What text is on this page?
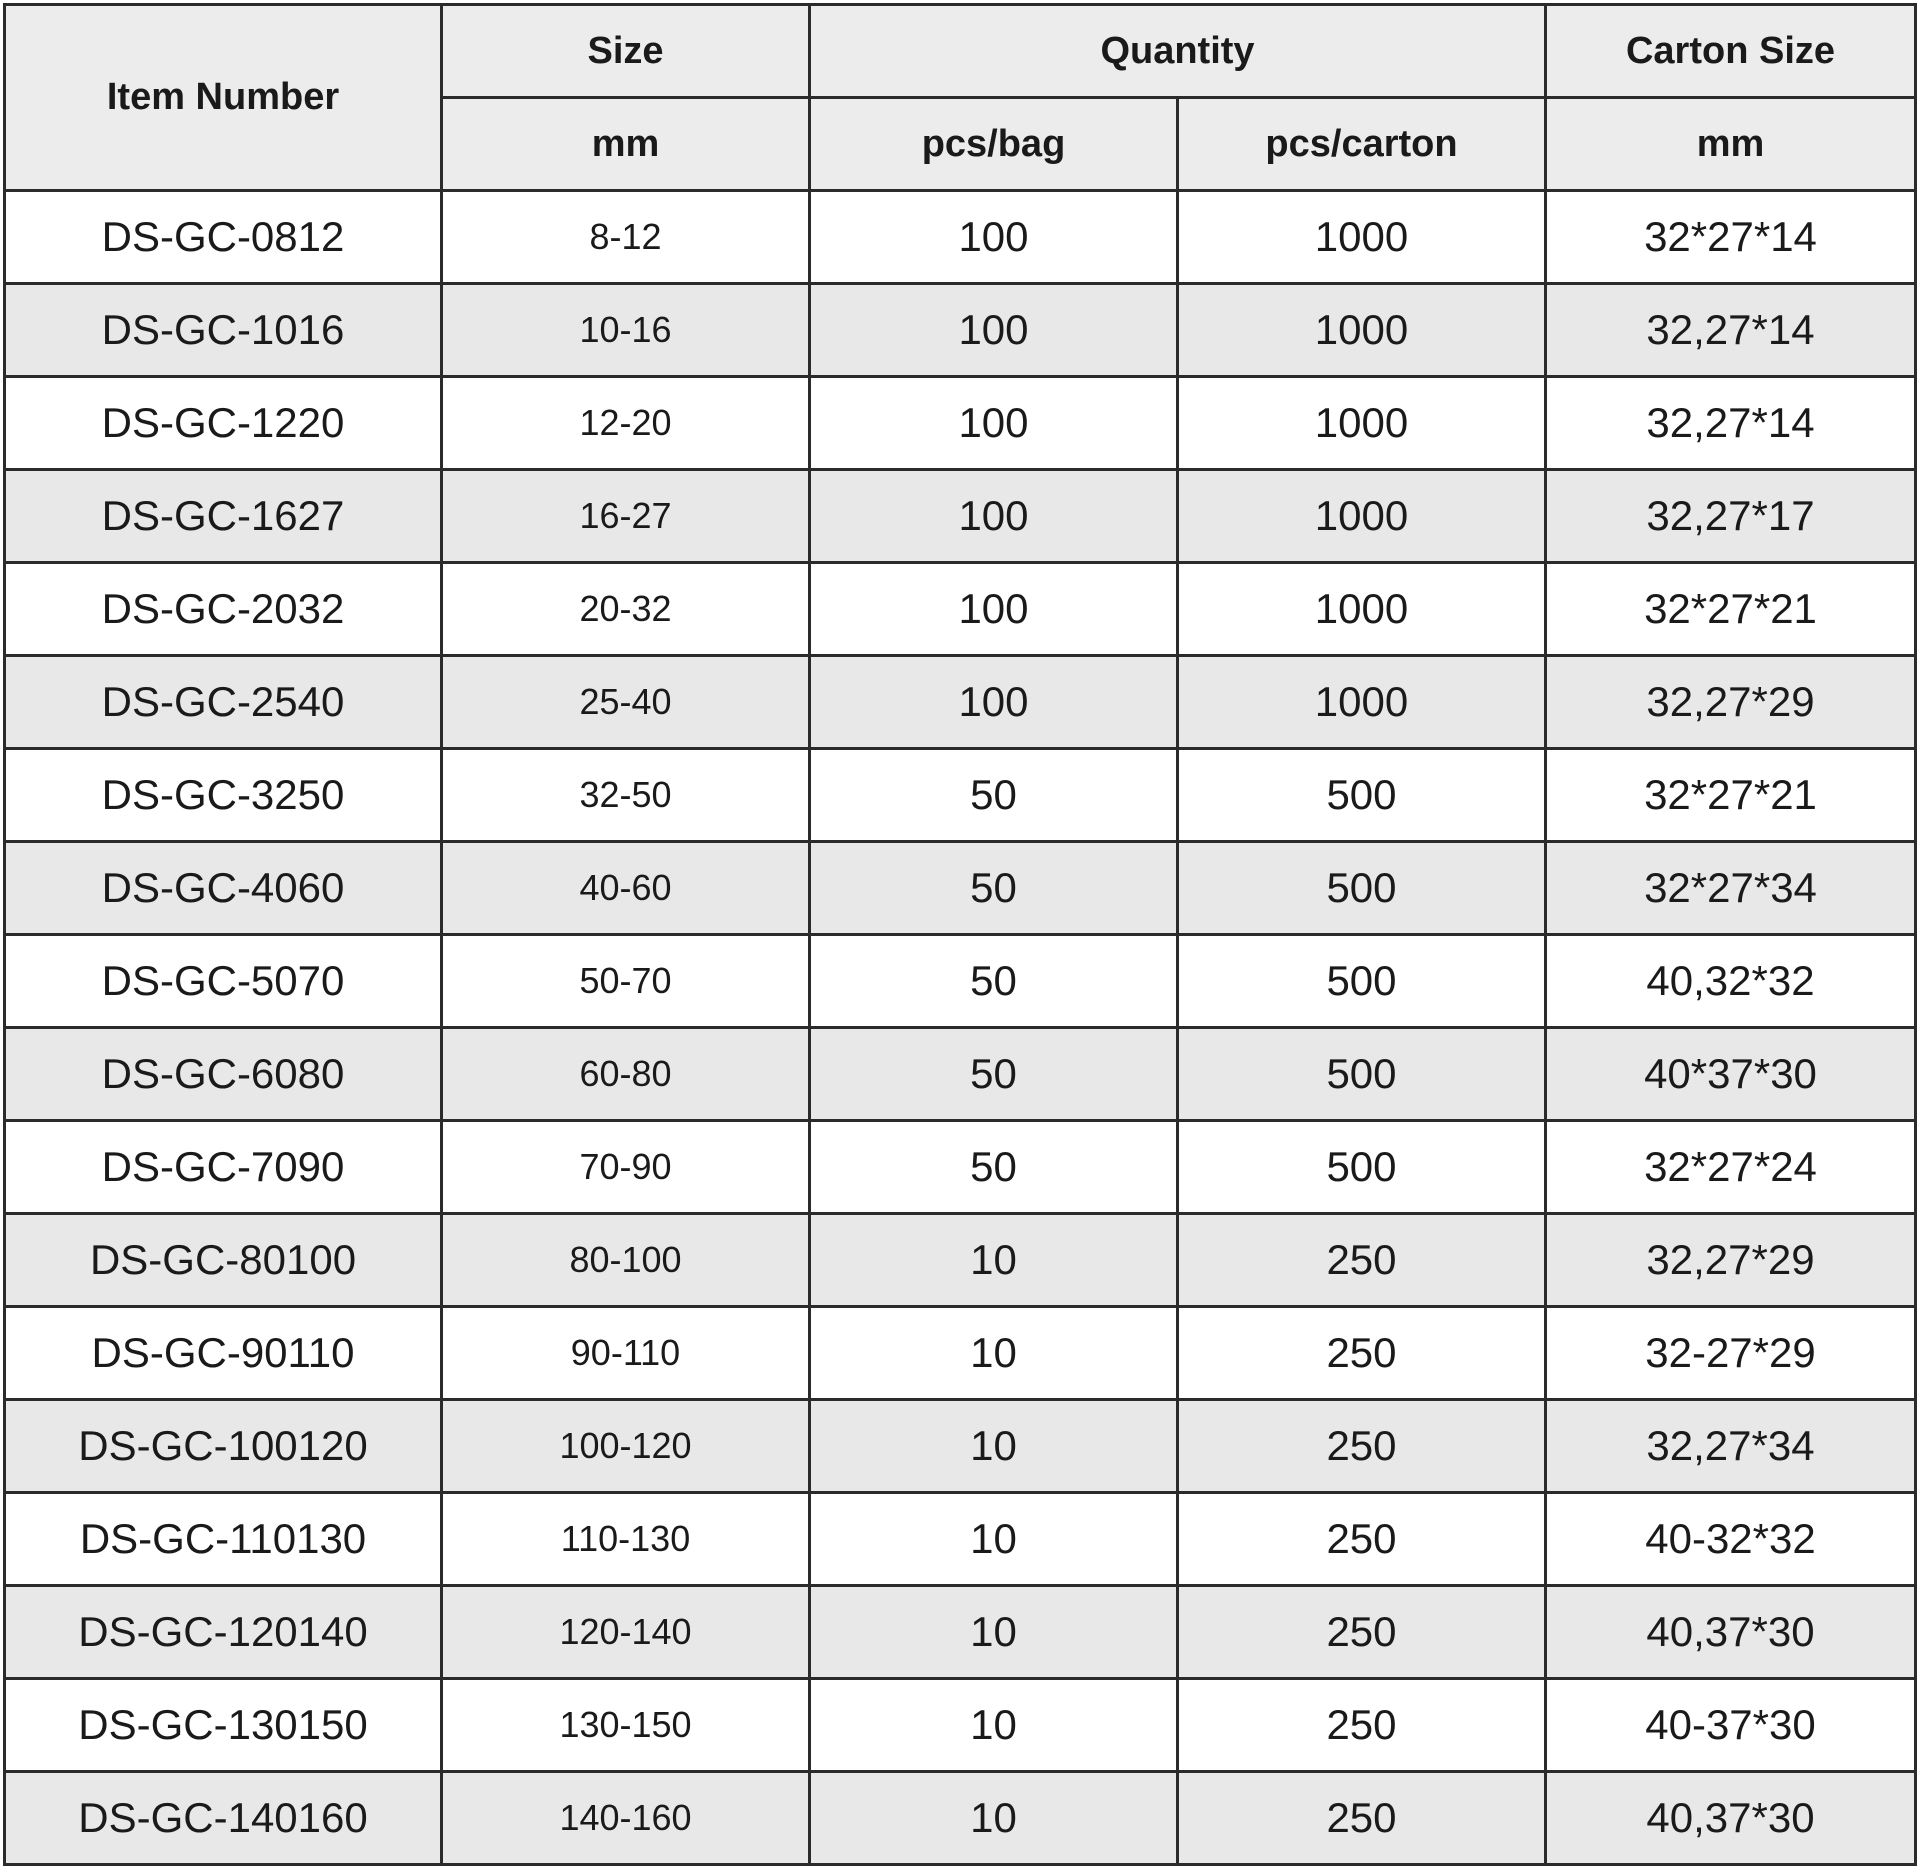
Item Number	Size	Quantity		Carton Size
	mm	pcs/bag	pcs/carton	mm
DS-GC-0812	8-12	100	1000	32*27*14
DS-GC-1016	10-16	100	1000	32,27*14
DS-GC-1220	12-20	100	1000	32,27*14
DS-GC-1627	16-27	100	1000	32,27*17
DS-GC-2032	20-32	100	1000	32*27*21
DS-GC-2540	25-40	100	1000	32,27*29
DS-GC-3250	32-50	50	500	32*27*21
DS-GC-4060	40-60	50	500	32*27*34
DS-GC-5070	50-70	50	500	40,32*32
DS-GC-6080	60-80	50	500	40*37*30
DS-GC-7090	70-90	50	500	32*27*24
DS-GC-80100	80-100	10	250	32,27*29
DS-GC-90110	90-110	10	250	32-27*29
DS-GC-100120	100-120	10	250	32,27*34
DS-GC-110130	110-130	10	250	40-32*32
DS-GC-120140	120-140	10	250	40,37*30
DS-GC-130150	130-150	10	250	40-37*30
DS-GC-140160	140-160	10	250	40,37*30
